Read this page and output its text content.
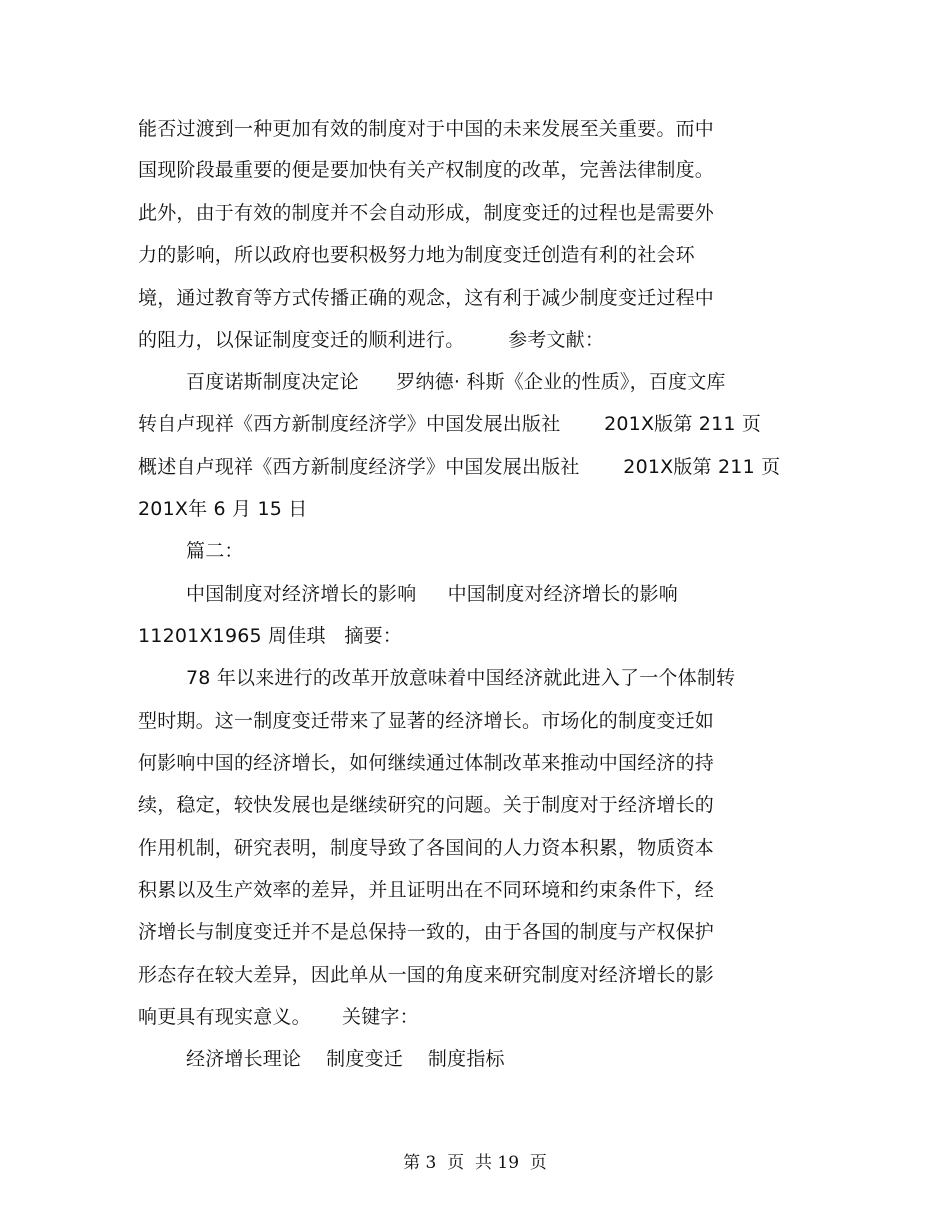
能否过渡到一种更加有效的制度对于中国的未来发展至关重要。而中
国现阶段最重要的便是要加快有关产权制度的改革，完善法律制度。
此外，由于有效的制度并不会自动形成，制度变迁的过程也是需要外
力的影响，所以政府也要积极努力地为制度变迁创造有利的社会环
境，通过教育等方式传播正确的观念，这有利于减少制度变迁过程中
的阻力，以保证制度变迁的顺利进行。       参考文献：
百度诺斯制度决定论      罗纳德· 科斯《企业的性质》，百度文库
转自卢现祥《西方新制度经济学》中国发展出版社       201X版第 211 页
概述自卢现祥《西方新制度经济学》中国发展出版社       201X版第 211 页
201X年 6 月 15 日
篇二：
中国制度对经济增长的影响     中国制度对经济增长的影响
11201X1965 周佳琪   摘要：
78 年以来进行的改革开放意味着中国经济就此进入了一个体制转
型时期。这一制度变迁带来了显著的经济增长。市场化的制度变迁如
何影响中国的经济增长，如何继续通过体制改革来推动中国经济的持
续，稳定，较快发展也是继续研究的问题。关于制度对于经济增长的
作用机制，研究表明，制度导致了各国间的人力资本积累，物质资本
积累以及生产效率的差异，并且证明出在不同环境和约束条件下，经
济增长与制度变迁并不是总保持一致的，由于各国的制度与产权保护
形态存在较大差异，因此单从一国的角度来研究制度对经济增长的影
响更具有现实意义。     关键字：
经济增长理论    制度变迁    制度指标
第 3  页  共 19  页
